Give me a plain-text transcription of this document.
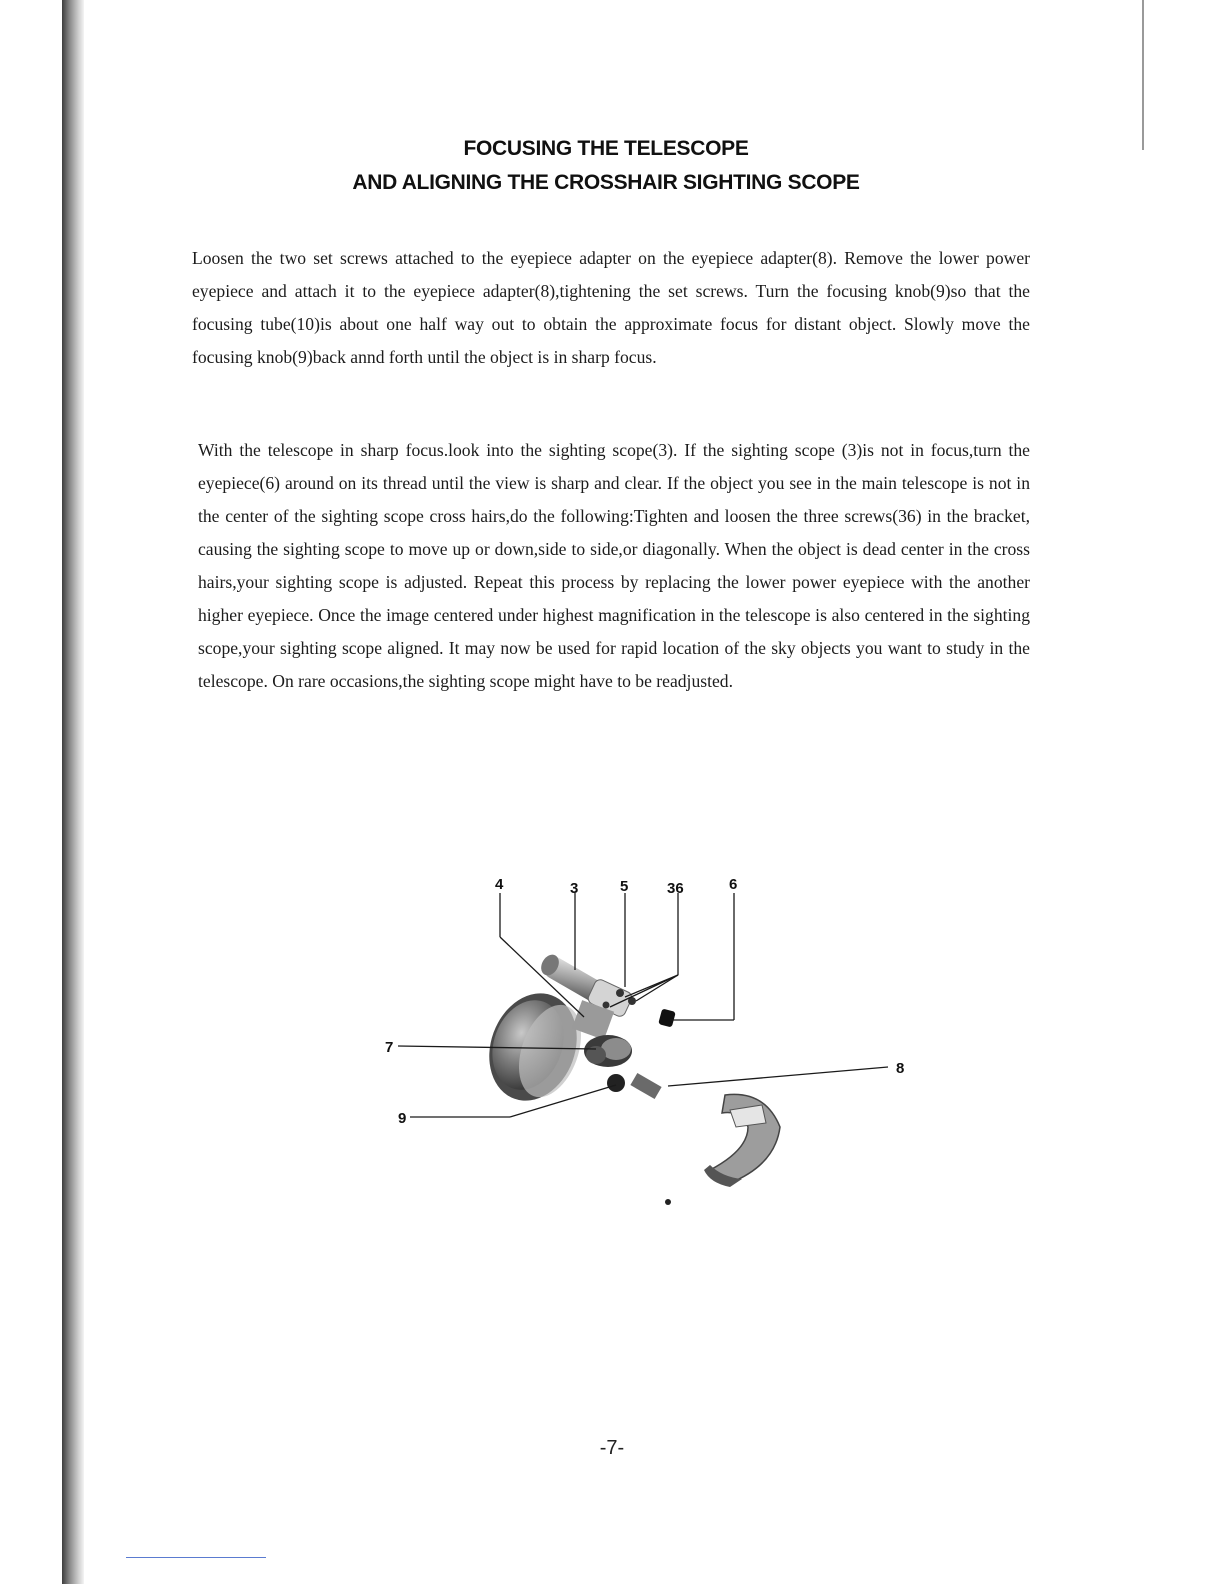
FOCUSING THE TELESCOPE
AND ALIGNING THE CROSSHAIR SIGHTING SCOPE

Loosen the two set screws attached to the eyepiece adapter on the eyepiece adapter(8). Remove the lower power eyepiece and attach it to the eyepiece adapter(8),tightening the set screws. Turn the focusing knob(9)so that the focusing tube(10)is about one half way out to obtain the approximate focus for distant object. Slowly move the focusing knob(9)back annd forth until the object is in sharp focus.

With the telescope in sharp focus.look into the sighting scope(3). If the sighting scope (3)is not in focus,turn the eyepiece(6) around on its thread until the view is sharp and clear. If the object you see in the main telescope is not in the center of the sighting scope cross hairs,do the following:Tighten and loosen the three screws(36) in the bracket, causing the sighting scope to move up or down,side to side,or diagonally. When the object is dead center in the cross hairs,your sighting scope is adjusted. Repeat this process by replacing the lower power eyepiece with the another higher eyepiece. Once the image centered under highest magnification in the telescope is also centered in the sighting scope,your sighting scope aligned. It may now be used for rapid location of the sky objects you want to study in the telescope. On rare occasions,the sighting scope might have to be readjusted.

4	3	5	36	6
7
8
9
-7-
